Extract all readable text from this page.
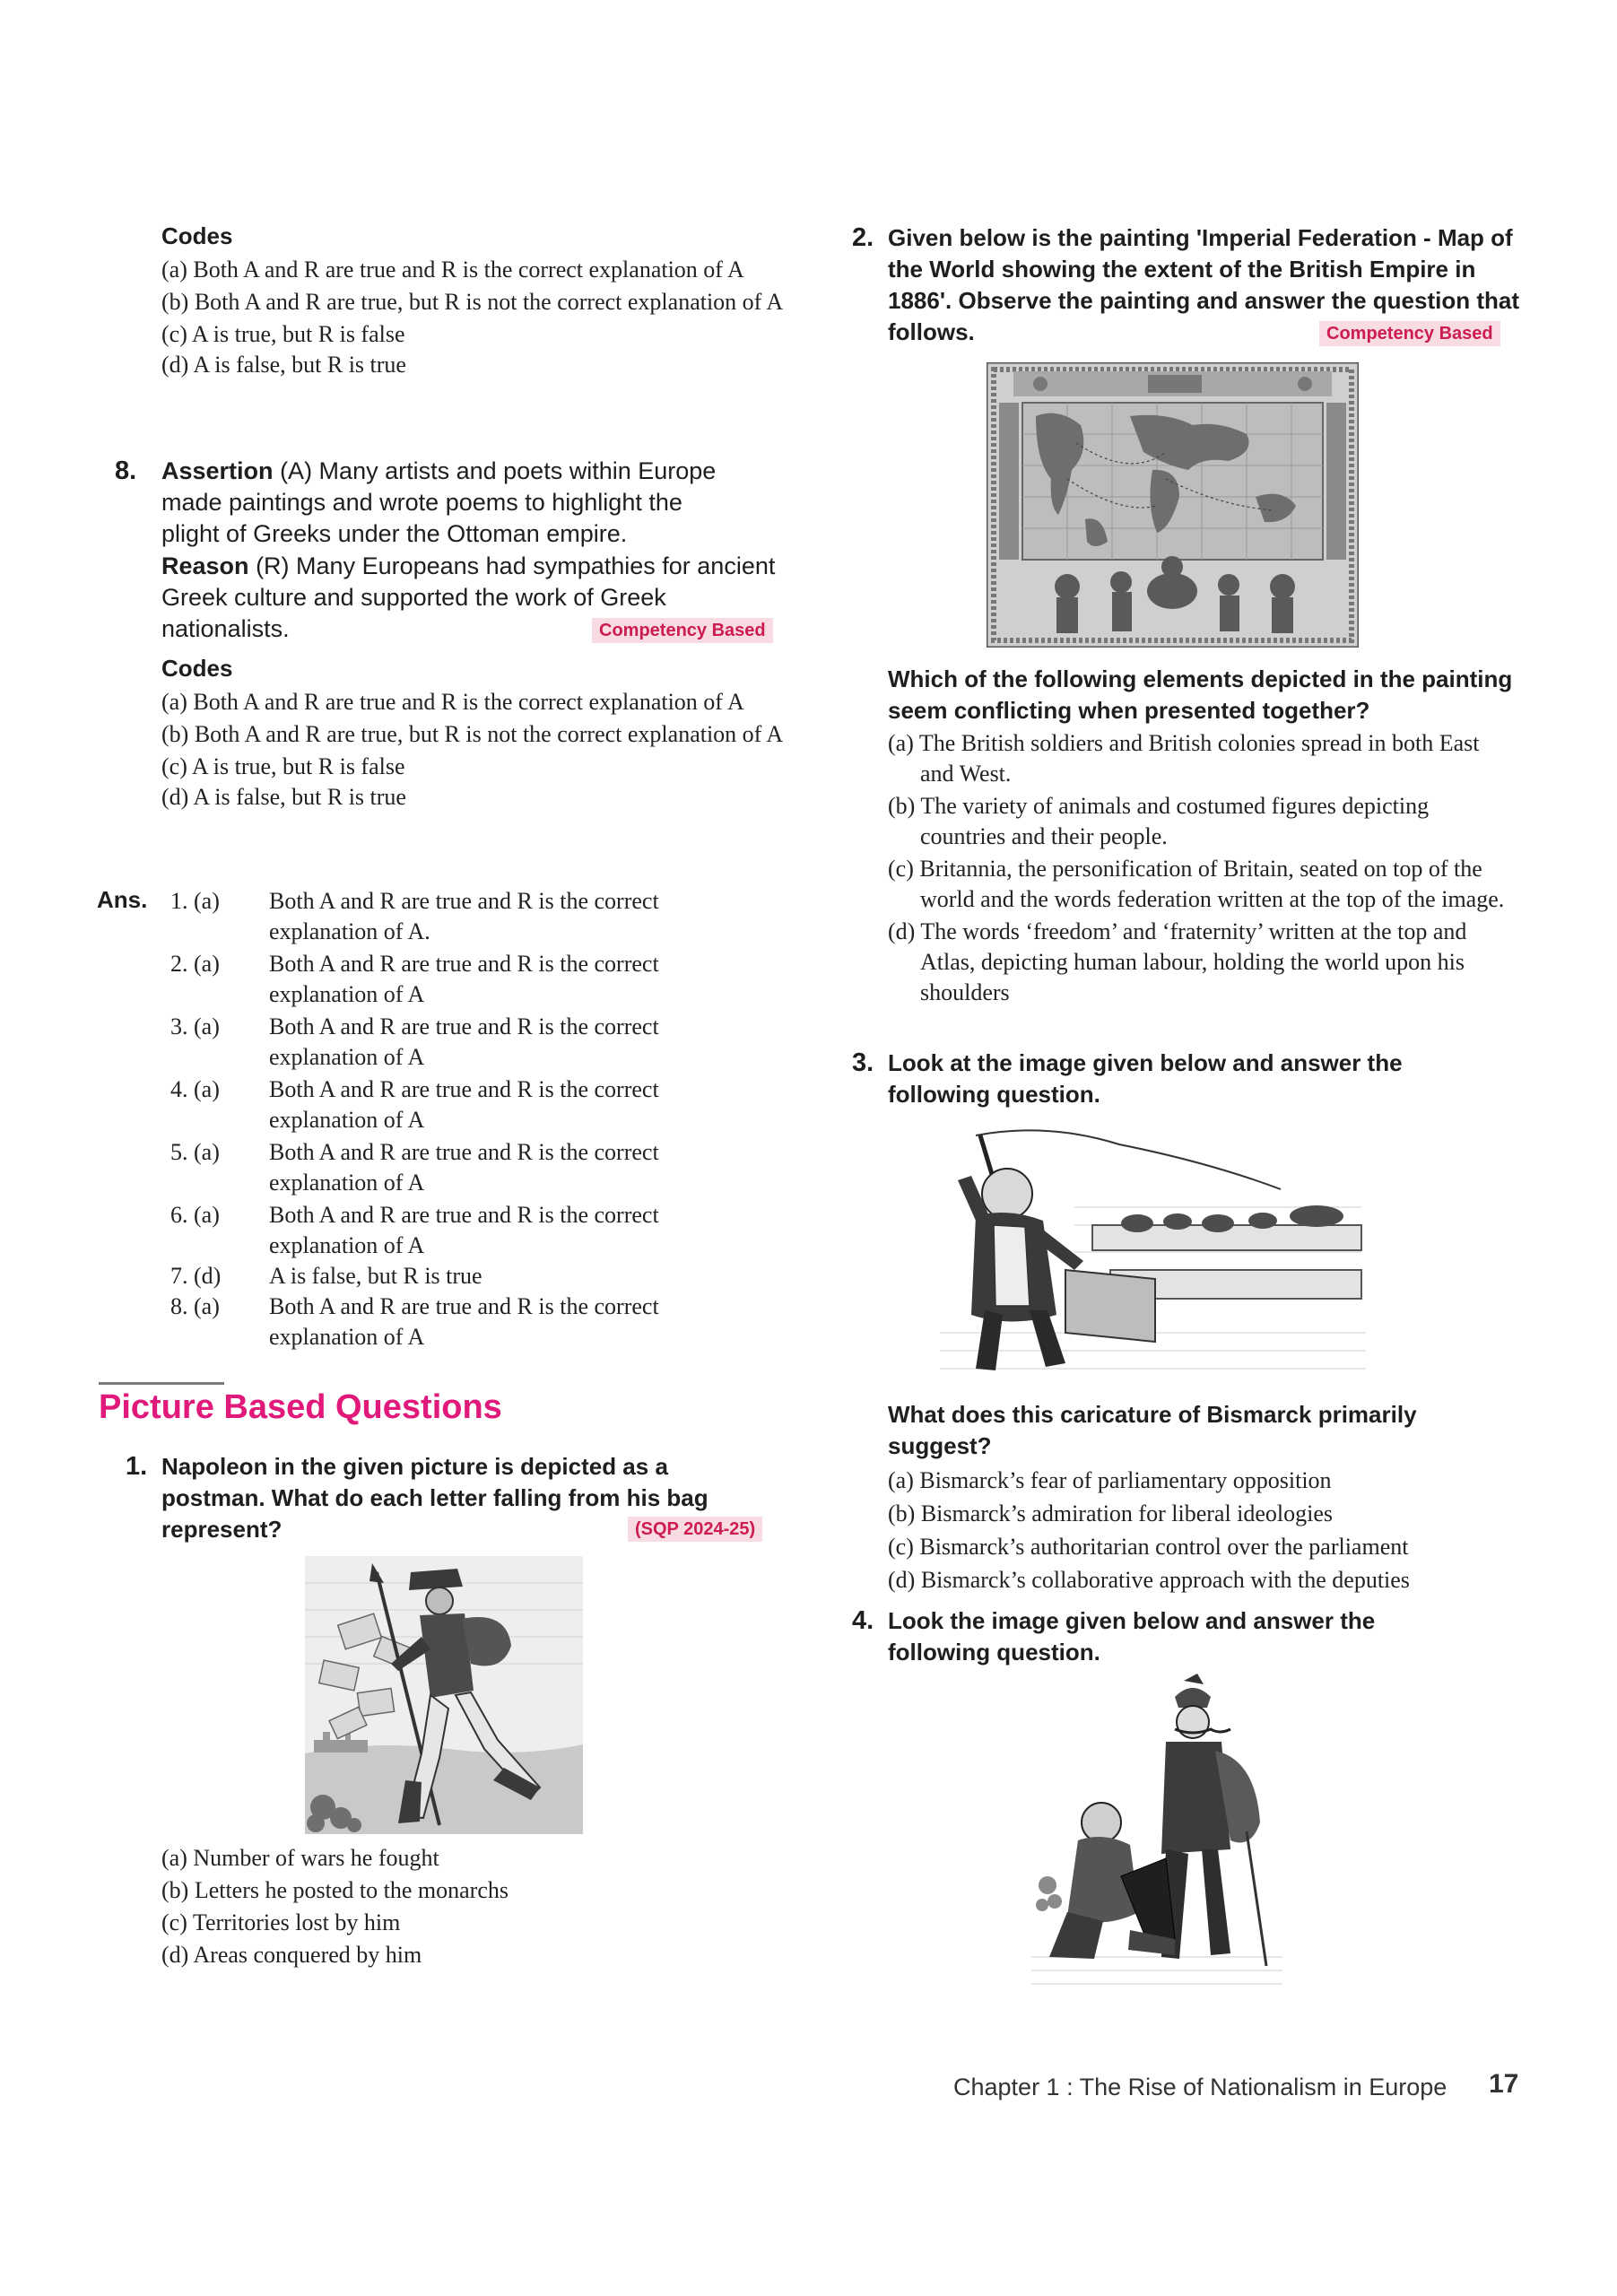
Codes
(a) Both A and R are true and R is the correct explanation of A
(b) Both A and R are true, but R is not the correct explanation of A
(c) A is true, but R is false
(d) A is false, but R is true
8. Assertion (A) Many artists and poets within Europe made paintings and wrote poems to highlight the plight of Greeks under the Ottoman empire.
Reason (R) Many Europeans had sympathies for ancient Greek culture and supported the work of Greek nationalists.	Competency Based
Codes
(a) Both A and R are true and R is the correct explanation of A
(b) Both A and R are true, but R is not the correct explanation of A
(c) A is true, but R is false
(d) A is false, but R is true
Ans. 1. (a)	Both A and R are true and R is the correct explanation of A.
2. (a)	Both A and R are true and R is the correct explanation of A
3. (a)	Both A and R are true and R is the correct explanation of A
4. (a)	Both A and R are true and R is the correct explanation of A
5. (a)	Both A and R are true and R is the correct explanation of A
6. (a)	Both A and R are true and R is the correct explanation of A
7. (d)	A is false, but R is true
8. (a)	Both A and R are true and R is the correct explanation of A
Picture Based Questions
1. Napoleon in the given picture is depicted as a postman. What do each letter falling from his bag represent?	(SQP 2024-25)
(a) Number of wars he fought
(b) Letters he posted to the monarchs
(c) Territories lost by him
(d) Areas conquered by him
2. Given below is the painting 'Imperial Federation - Map of the World showing the extent of the British Empire in 1886'. Observe the painting and answer the question that follows.	Competency Based
Which of the following elements depicted in the painting seem conflicting when presented together?
(a) The British soldiers and British colonies spread in both East and West.
(b) The variety of animals and costumed figures depicting countries and their people.
(c) Britannia, the personification of Britain, seated on top of the world and the words federation written at the top of the image.
(d) The words ‘freedom’ and ‘fraternity’ written at the top and Atlas, depicting human labour, holding the world upon his shoulders
3. Look at the image given below and answer the following question.
What does this caricature of Bismarck primarily suggest?
(a) Bismarck’s fear of parliamentary opposition
(b) Bismarck’s admiration for liberal ideologies
(c) Bismarck’s authoritarian control over the parliament
(d) Bismarck’s collaborative approach with the deputies
4. Look the image given below and answer the following question.
Chapter 1 : The Rise of Nationalism in Europe 17
